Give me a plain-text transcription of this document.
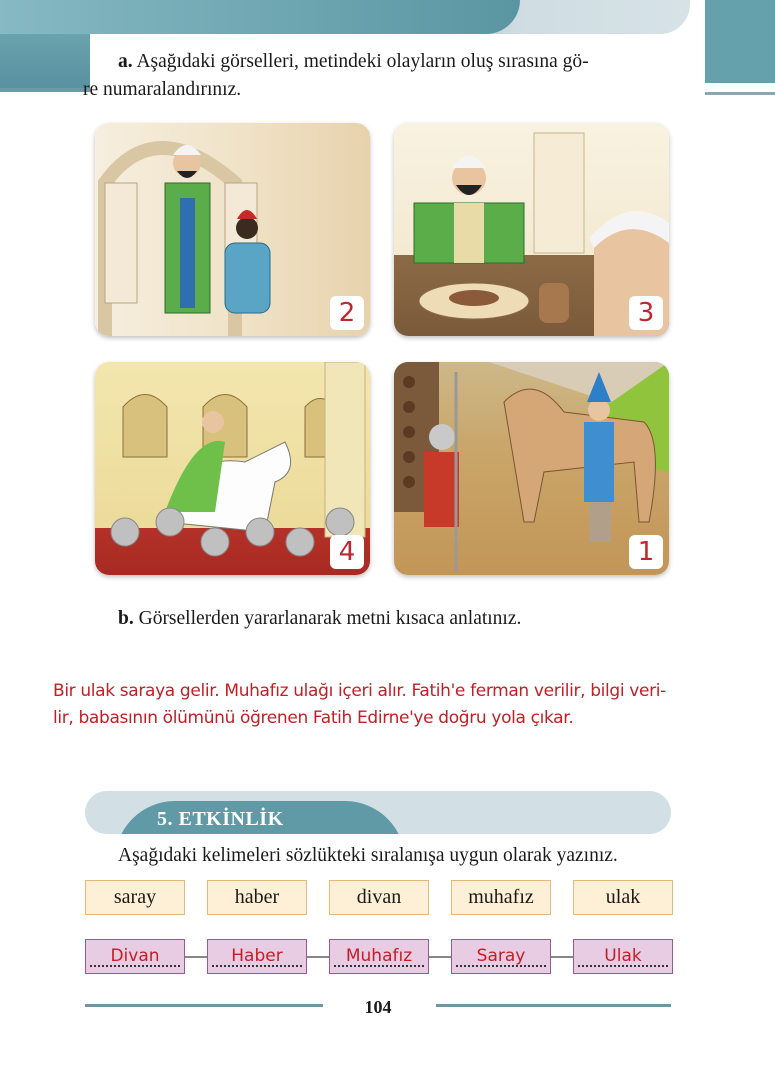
a. Aşağıdaki görselleri, metindeki olayların oluş sırasına gö-
re numaralandırınız.
2	3
4	1
b. Görsellerden yararlanarak metni kısaca anlatınız.
Bir ulak saraya gelir. Muhafız ulağı içeri alır. Fatih'e ferman verilir, bilgi veri-
lir, babasının ölümünü öğrenen Fatih Edirne'ye doğru yola çıkar.
5. ETKİNLİK
Aşağıdaki kelimeleri sözlükteki sıralanışa uygun olarak yazınız.
saray	haber	divan	muhafız	ulak
Divan	Haber	Muhafız	Saray	Ulak
104
